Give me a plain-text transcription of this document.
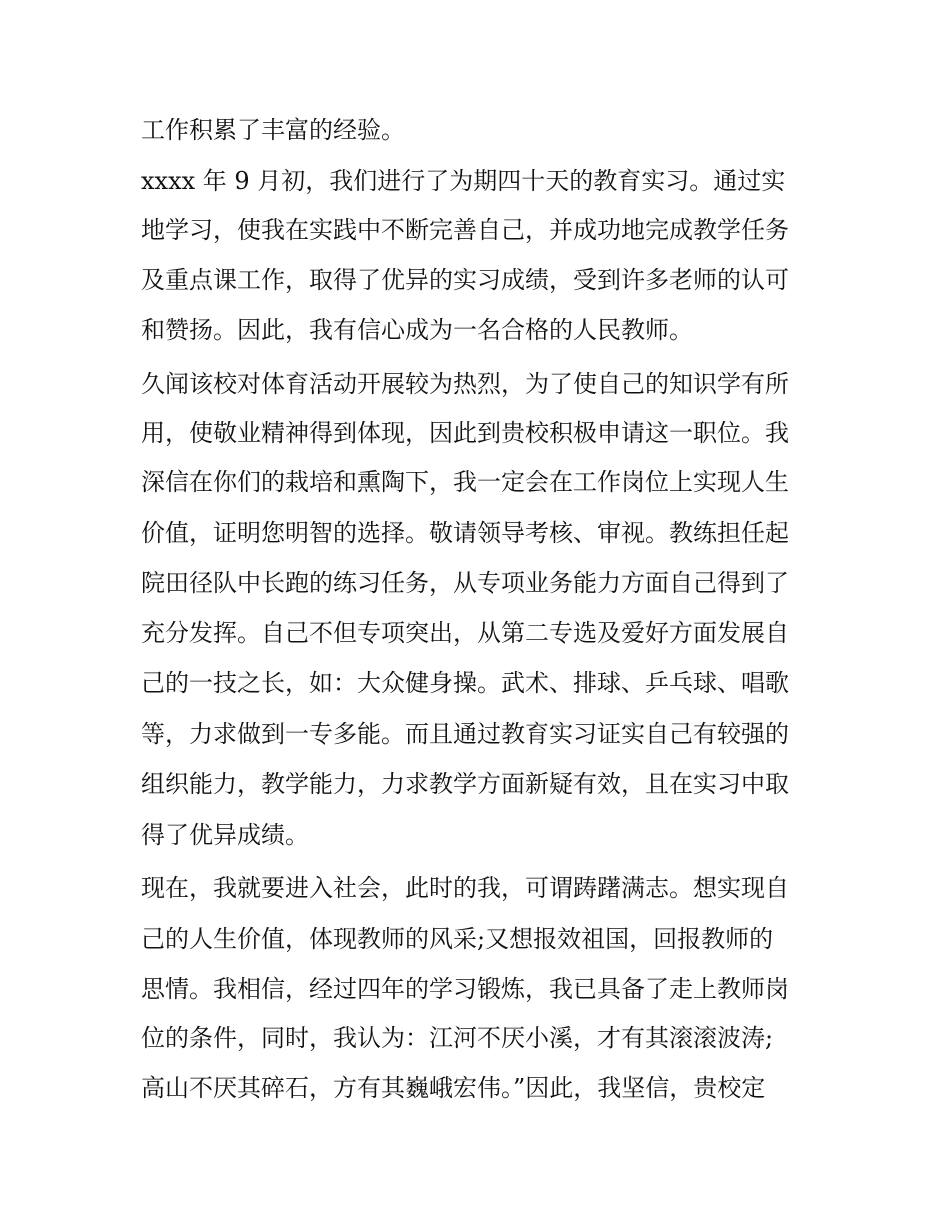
工作积累了丰富的经验。
xxxx 年 9 月初，我们进行了为期四十天的教育实习。通过实
地学习，使我在实践中不断完善自己，并成功地完成教学任务
及重点课工作，取得了优异的实习成绩，受到许多老师的认可
和赞扬。因此，我有信心成为一名合格的人民教师。
久闻该校对体育活动开展较为热烈，为了使自己的知识学有所
用，使敬业精神得到体现，因此到贵校积极申请这一职位。我
深信在你们的栽培和熏陶下，我一定会在工作岗位上实现人生
价值，证明您明智的选择。敬请领导考核、审视。教练担任起
院田径队中长跑的练习任务，从专项业务能力方面自己得到了
充分发挥。自己不但专项突出，从第二专选及爱好方面发展自
己的一技之长，如：大众健身操。武术、排球、乒乓球、唱歌
等，力求做到一专多能。而且通过教育实习证实自己有较强的
组织能力，教学能力，力求教学方面新疑有效，且在实习中取
得了优异成绩。
现在，我就要进入社会，此时的我，可谓踌躇满志。想实现自
己的人生价值，体现教师的风采;又想报效祖国，回报教师的
思情。我相信，经过四年的学习锻炼，我已具备了走上教师岗
位的条件，同时，我认为：江河不厌小溪，才有其滚滚波涛;
高山不厌其碎石，方有其巍峨宏伟。”因此，我坚信，贵校定
